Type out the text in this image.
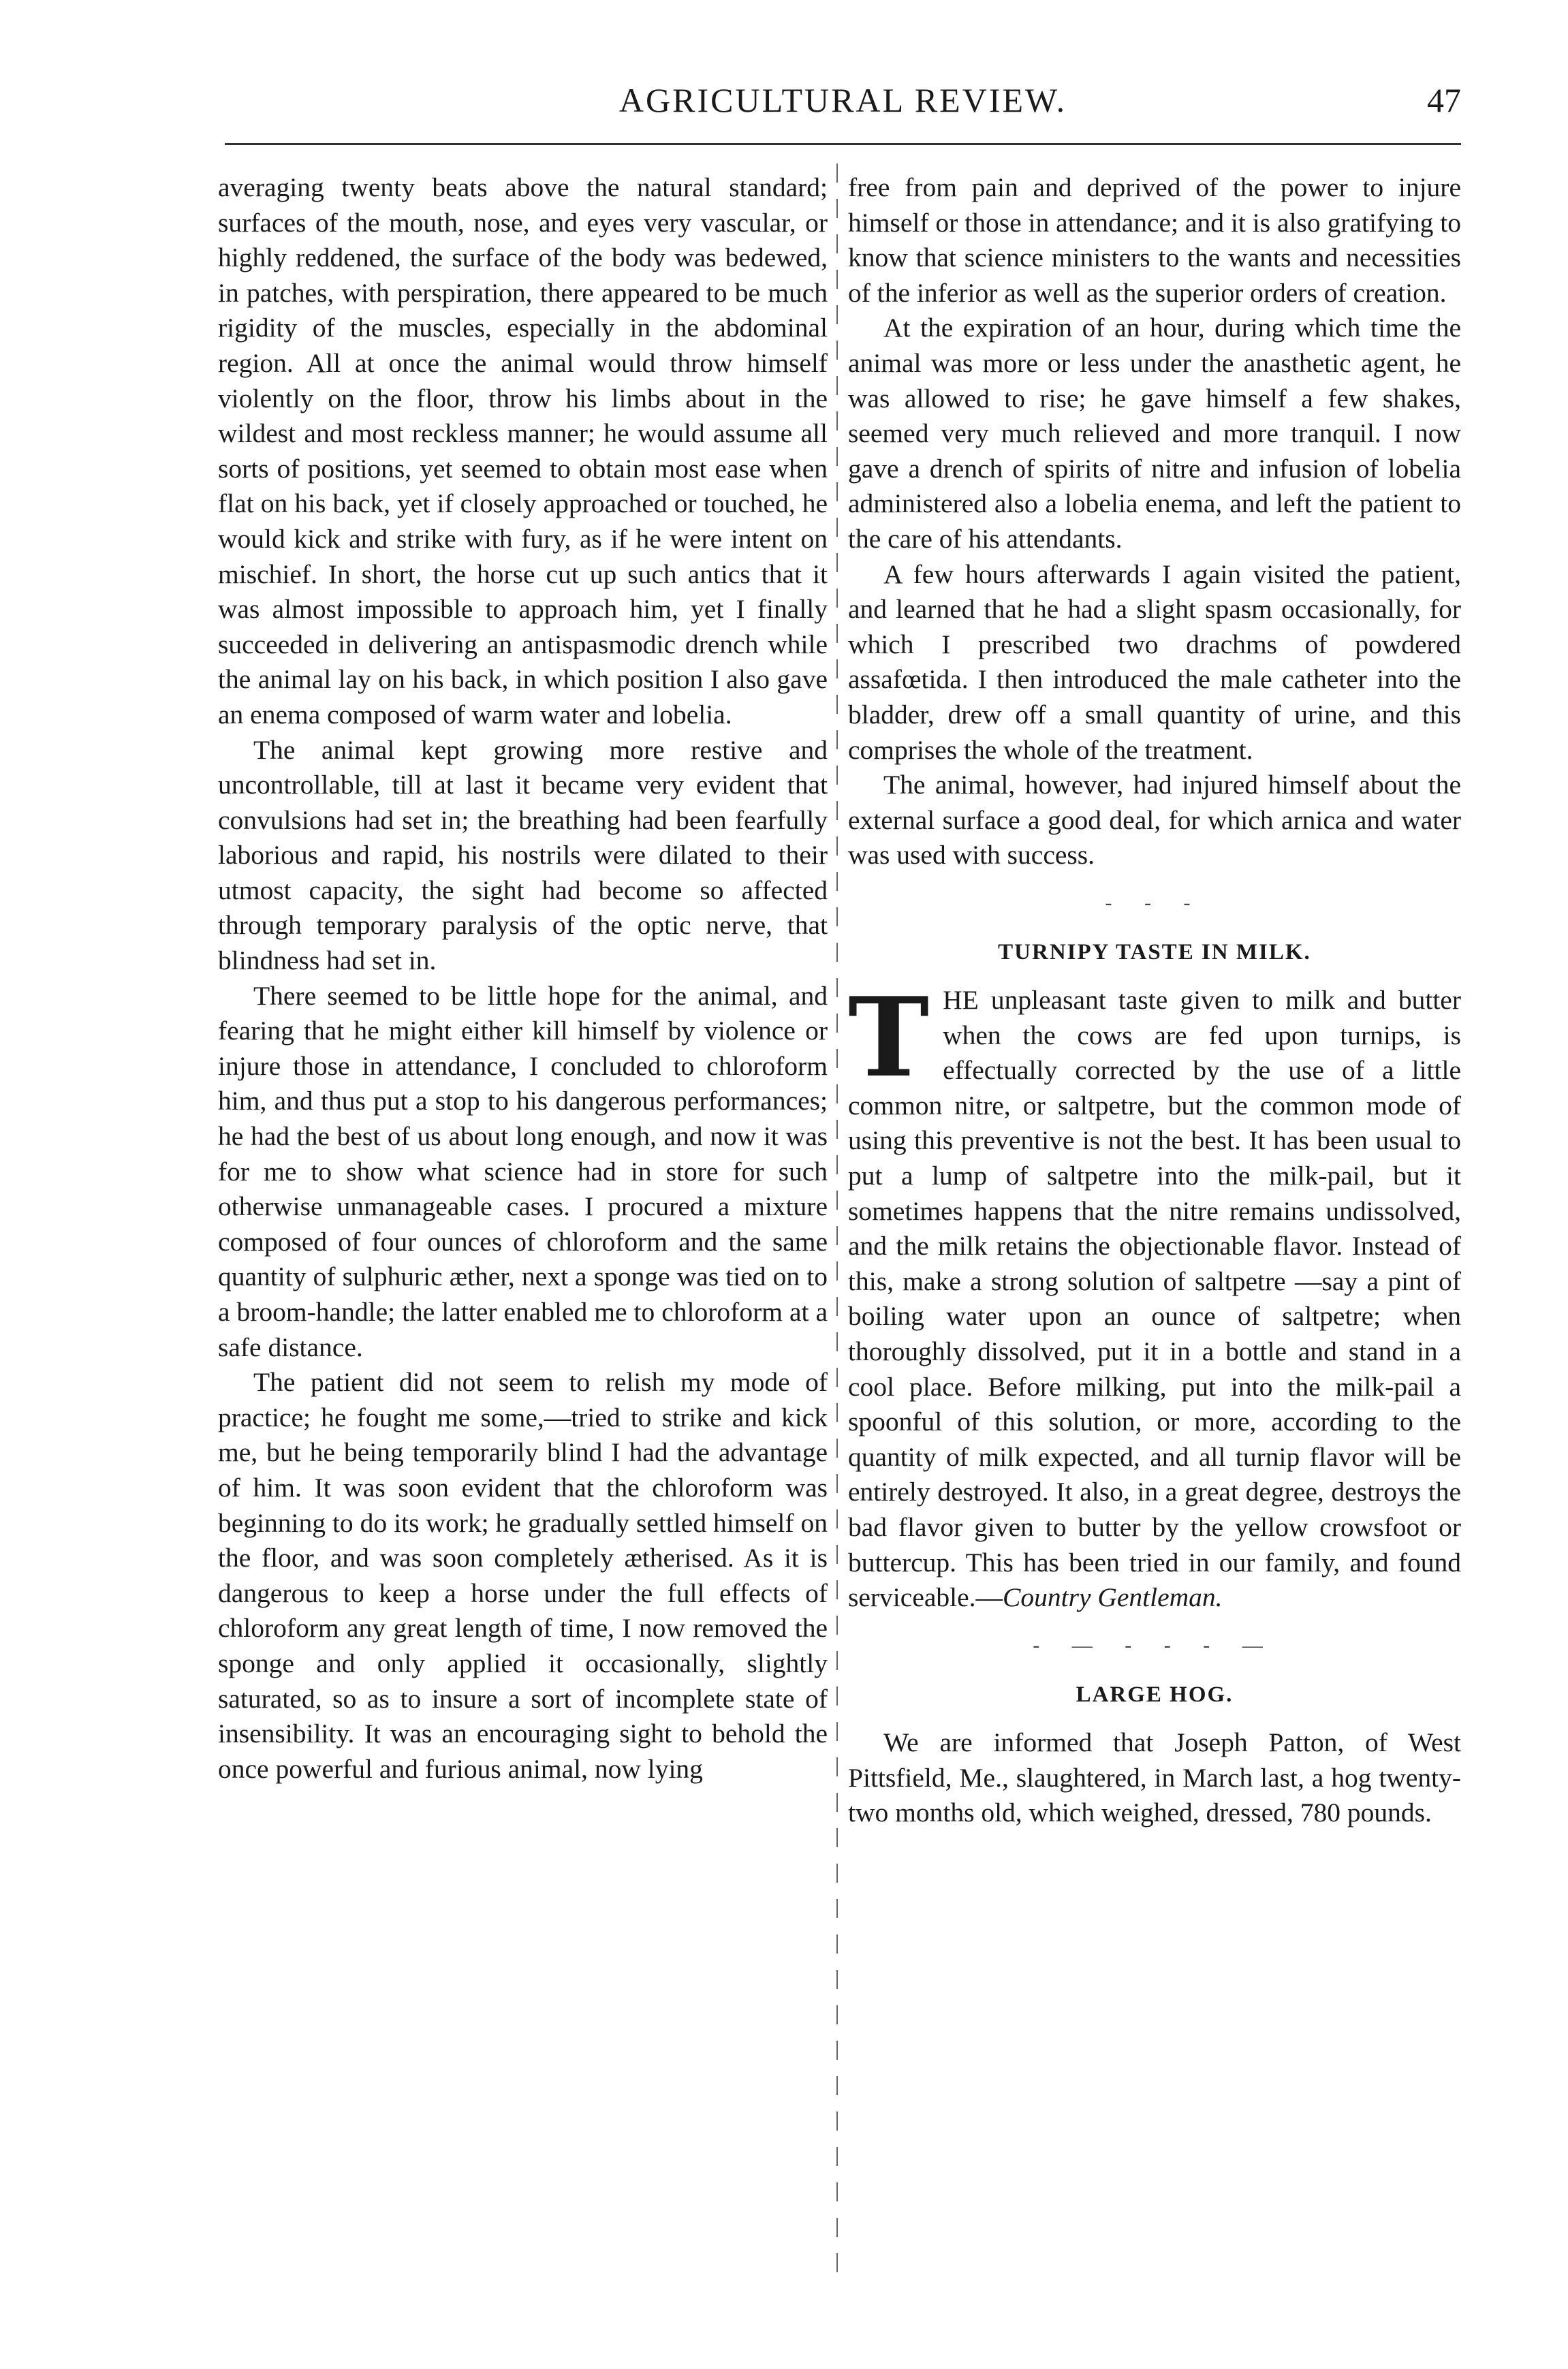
AGRICULTURAL REVIEW.	47

averaging twenty beats above the natural standard; surfaces of the mouth, nose, and eyes very vascular, or highly reddened, the surface of the body was bedewed, in patches, with perspiration, there appeared to be much rigidity of the muscles, especially in the abdominal region. All at once the animal would throw himself violently on the floor, throw his limbs about in the wildest and most reckless manner; he would assume all sorts of positions, yet seemed to obtain most ease when flat on his back, yet if closely approached or touched, he would kick and strike with fury, as if he were intent on mischief. In short, the horse cut up such antics that it was almost impossible to approach him, yet I finally succeeded in delivering an antispasmodic drench while the animal lay on his back, in which position I also gave an enema composed of warm water and lobelia.

The animal kept growing more restive and uncontrollable, till at last it became very evident that convulsions had set in; the breathing had been fearfully laborious and rapid, his nostrils were dilated to their utmost capacity, the sight had become so affected through temporary paralysis of the optic nerve, that blindness had set in.

There seemed to be little hope for the animal, and fearing that he might either kill himself by violence or injure those in attendance, I concluded to chloroform him, and thus put a stop to his dangerous performances; he had the best of us about long enough, and now it was for me to show what science had in store for such otherwise unmanageable cases. I procured a mixture composed of four ounces of chloroform and the same quantity of sulphuric æther, next a sponge was tied on to a broom-handle; the latter enabled me to chloroform at a safe distance.

The patient did not seem to relish my mode of practice; he fought me some,—tried to strike and kick me, but he being temporarily blind I had the advantage of him. It was soon evident that the chloroform was beginning to do its work; he gradually settled himself on the floor, and was soon completely ætherised. As it is dangerous to keep a horse under the full effects of chloroform any great length of time, I now removed the sponge and only applied it occasionally, slightly saturated, so as to insure a sort of incomplete state of insensibility. It was an encouraging sight to behold the once powerful and furious animal, now lying

free from pain and deprived of the power to injure himself or those in attendance; and it is also gratifying to know that science ministers to the wants and necessities of the inferior as well as the superior orders of creation.

At the expiration of an hour, during which time the animal was more or less under the anasthetic agent, he was allowed to rise; he gave himself a few shakes, seemed very much relieved and more tranquil. I now gave a drench of spirits of nitre and infusion of lobelia administered also a lobelia enema, and left the patient to the care of his attendants.

A few hours afterwards I again visited the patient, and learned that he had a slight spasm occasionally, for which I prescribed two drachms of powdered assafœtida. I then introduced the male catheter into the bladder, drew off a small quantity of urine, and this comprises the whole of the treatment.

The animal, however, had injured himself about the external surface a good deal, for which arnica and water was used with success.

- - -
TURNIPY TASTE IN MILK.

THE unpleasant taste given to milk and butter when the cows are fed upon turnips, is effectually corrected by the use of a little common nitre, or saltpetre, but the common mode of using this preventive is not the best. It has been usual to put a lump of saltpetre into the milk-pail, but it sometimes happens that the nitre remains undissolved, and the milk retains the objectionable flavor. Instead of this, make a strong solution of saltpetre —say a pint of boiling water upon an ounce of saltpetre; when thoroughly dissolved, put it in a bottle and stand in a cool place. Before milking, put into the milk-pail a spoonful of this solution, or more, according to the quantity of milk expected, and all turnip flavor will be entirely destroyed. It also, in a great degree, destroys the bad flavor given to butter by the yellow crowsfoot or buttercup. This has been tried in our family, and found serviceable.—Country Gentleman.

- — - - - —
LARGE HOG.

We are informed that Joseph Patton, of West Pittsfield, Me., slaughtered, in March last, a hog twenty-two months old, which weighed, dressed, 780 pounds.
